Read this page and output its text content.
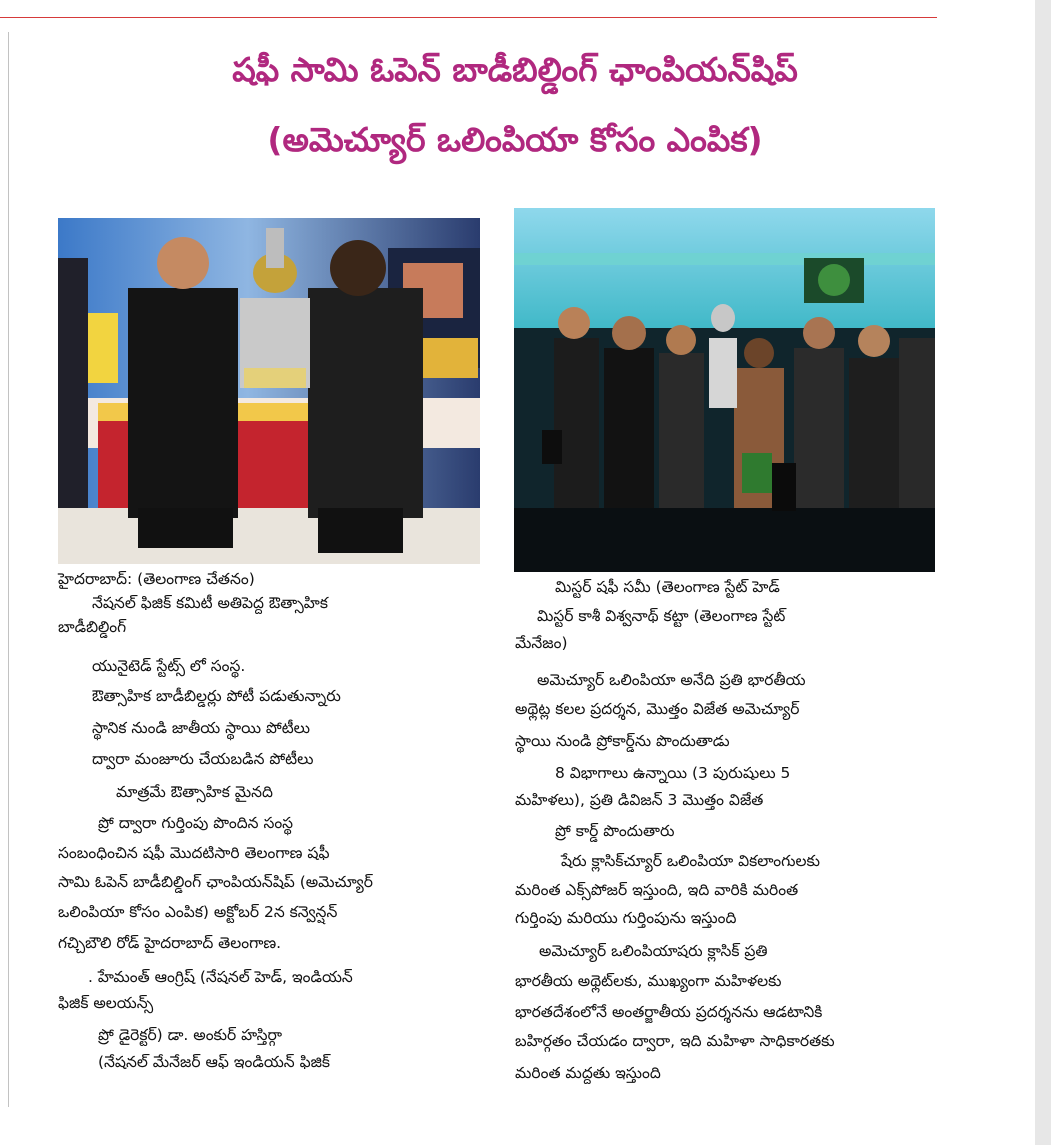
షఫీ సామి ఓపెన్ బాడీబిల్డింగ్ ఛాంపియన్‌షిప్
(అమెచ్యూర్ ఒలింపియా కోసం ఎంపిక)
హైదరాబాద్: (తెలంగాణ చేతనం)
నేషనల్ ఫిజిక్ కమిటీ అతిపెద్ద ఔత్సాహిక
బాడీబిల్డింగ్
యునైటెడ్ స్టేట్స్ లో సంస్థ.
ఔత్సాహిక బాడీబిల్డర్లు పోటీ పడుతున్నారు
స్థానిక నుండి జాతీయ స్థాయి పోటీలు
ద్వారా మంజూరు చేయబడిన పోటీలు
మాత్రమే ఔత్సాహిక మైనది
ప్రో ద్వారా గుర్తింపు పొందిన సంస్థ
సంబంధించిన షఫీ మొదటిసారి తెలంగాణ షఫీ
సామి ఓపెన్ బాడీబిల్డింగ్ ఛాంపియన్‌షిప్ (అమెచ్యూర్
ఒలింపియా కోసం ఎంపిక) అక్టోబర్ 2న కన్వెన్షన్
గచ్చిబౌలి రోడ్ హైదరాబాద్ తెలంగాణ.
. హేమంత్ ఆంగ్రిష్ (నేషనల్ హెడ్, ఇండియన్
ఫిజిక్ అలయన్స్
ప్రో డైరెక్టర్) డా. అంకుర్ హస్తిర్గా
(నేషనల్ మేనేజర్ ఆఫ్ ఇండియన్ ఫిజిక్
మిస్టర్ షఫీ సమీ (తెలంగాణ స్టేట్ హెడ్
మిస్టర్ కాశీ విశ్వనాథ్ కట్టా (తెలంగాణ స్టేట్
మేనేజం)
అమెచ్యూర్ ఒలింపియా అనేది ప్రతి భారతీయ
అథ్లెట్ల కలల ప్రదర్శన, మొత్తం విజేత అమెచ్యూర్
స్థాయి నుండి ప్రోకార్డ్‌ను పొందుతాడు
8 విభాగాలు ఉన్నాయి (3 పురుషులు 5
మహిళలు), ప్రతి డివిజన్ 3 మొత్తం విజేత
ప్రో కార్డ్ పొందుతారు
షేరు క్లాసిక్‌చ్యూర్ ఒలింపియా వికలాంగులకు
మరింత ఎక్స్‌పోజర్ ఇస్తుంది, ఇది వారికి మరింత
గుర్తింపు మరియు గుర్తింపును ఇస్తుంది
అమెచ్యూర్ ఒలింపియాషరు క్లాసిక్ ప్రతి
భారతీయ అథ్లెట్‌లకు, ముఖ్యంగా మహిళలకు
భారతదేశంలోనే అంతర్జాతీయ ప్రదర్శనను ఆడటానికి
బహిర్గతం చేయడం ద్వారా, ఇది మహిళా సాధికారతకు
మరింత మద్దతు ఇస్తుంది
